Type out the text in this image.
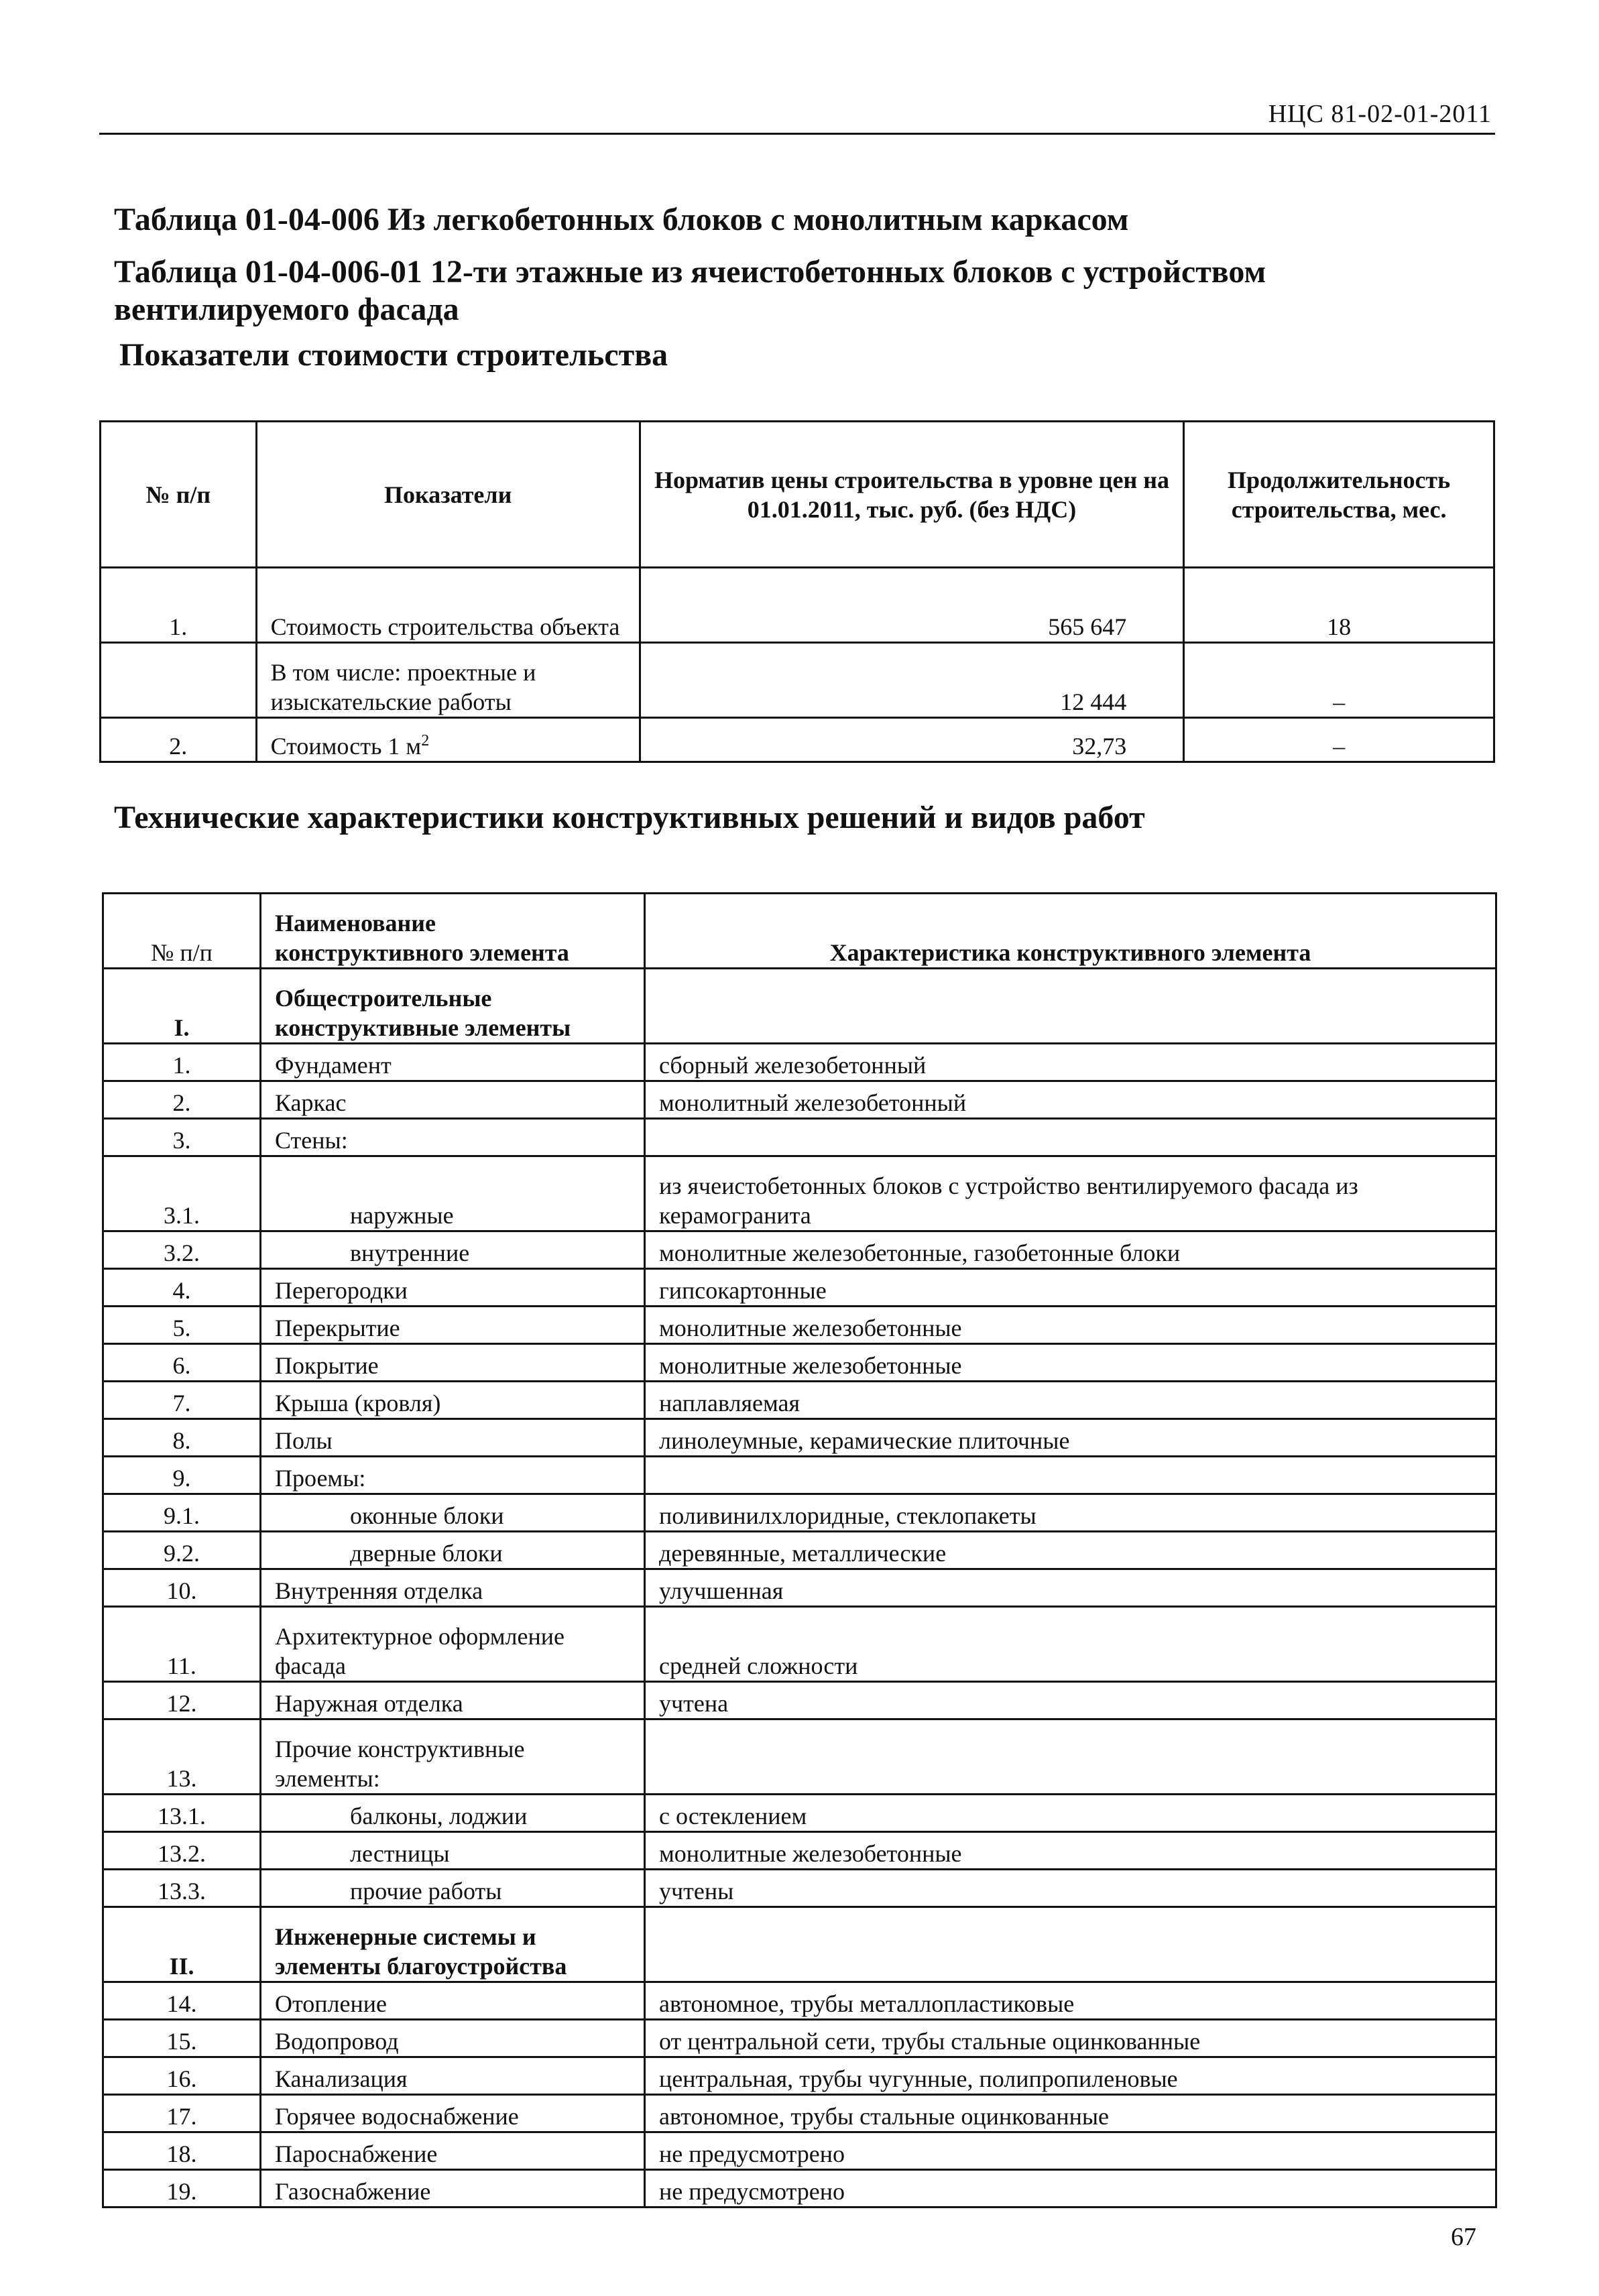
НЦС 81-02-01-2011
Таблица 01-04-006 Из легкобетонных блоков с монолитным каркасом
Таблица 01-04-006-01 12-ти этажные из ячеистобетонных блоков с устройством вентилируемого фасада
Показатели стоимости строительства
№ п/п	Показатели	Норматив цены строительства в уровне цен на 01.01.2011, тыс. руб. (без НДС)	Продолжительность строительства, мес.
1.	Стоимость строительства объекта	565 647	18
	В том числе: проектные и изыскательские работы	12 444	–
2.	Стоимость 1 $м^2$	32,73	–
Технические характеристики конструктивных решений и видов работ
№ п/п	Наименование конструктивного элемента	Характеристика конструктивного элемента
I.	Общестроительные конструктивные элементы	
1.	Фундамент	сборный железобетонный
2.	Каркас	монолитный железобетонный
3.	Стены:	
3.1.	наружные	из ячеистобетонных блоков с устройство вентилируемого фасада из керамогранита
3.2.	внутренние	монолитные железобетонные, газобетонные блоки
4.	Перегородки	гипсокартонные
5.	Перекрытие	монолитные железобетонные
6.	Покрытие	монолитные железобетонные
7.	Крыша (кровля)	наплавляемая
8.	Полы	линолеумные, керамические плиточные
9.	Проемы:	
9.1.	оконные блоки	поливинилхлоридные, стеклопакеты
9.2.	дверные блоки	деревянные, металлические
10.	Внутренняя отделка	улучшенная
11.	Архитектурное оформление фасада	средней сложности
12.	Наружная отделка	учтена
13.	Прочие конструктивные элементы:	
13.1.	балконы, лоджии	с остеклением
13.2.	лестницы	монолитные железобетонные
13.3.	прочие работы	учтены
II.	Инженерные системы и элементы благоустройства	
14.	Отопление	автономное, трубы металлопластиковые
15.	Водопровод	от центральной сети, трубы стальные оцинкованные
16.	Канализация	центральная, трубы чугунные, полипропиленовые
17.	Горячее водоснабжение	автономное, трубы стальные оцинкованные
18.	Пароснабжение	не предусмотрено
19.	Газоснабжение	не предусмотрено
67
